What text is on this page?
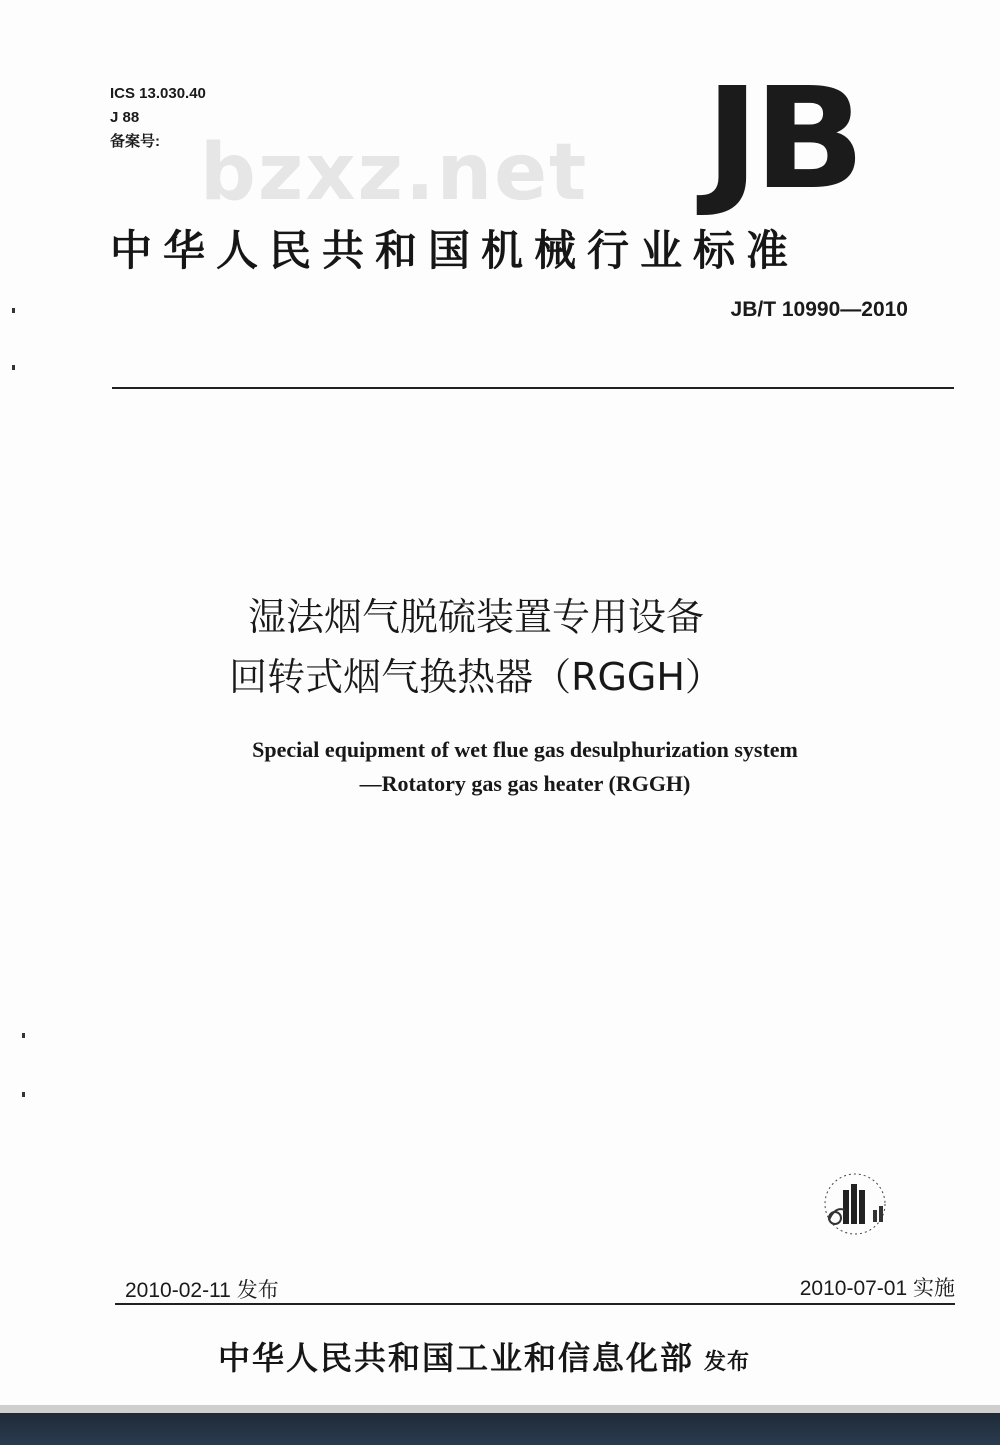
ICS 13.030.40
J 88
备案号: bzxz.net JB
中华人民共和国机械行业标准
JB/T 10990—2010
湿法烟气脱硫装置专用设备
回转式烟气换热器（RGGH）
Special equipment of wet flue gas desulphurization system
—Rotatory gas gas heater (RGGH)
2010-02-11 发布	2010-07-01 实施
中华人民共和国工业和信息化部 发布
